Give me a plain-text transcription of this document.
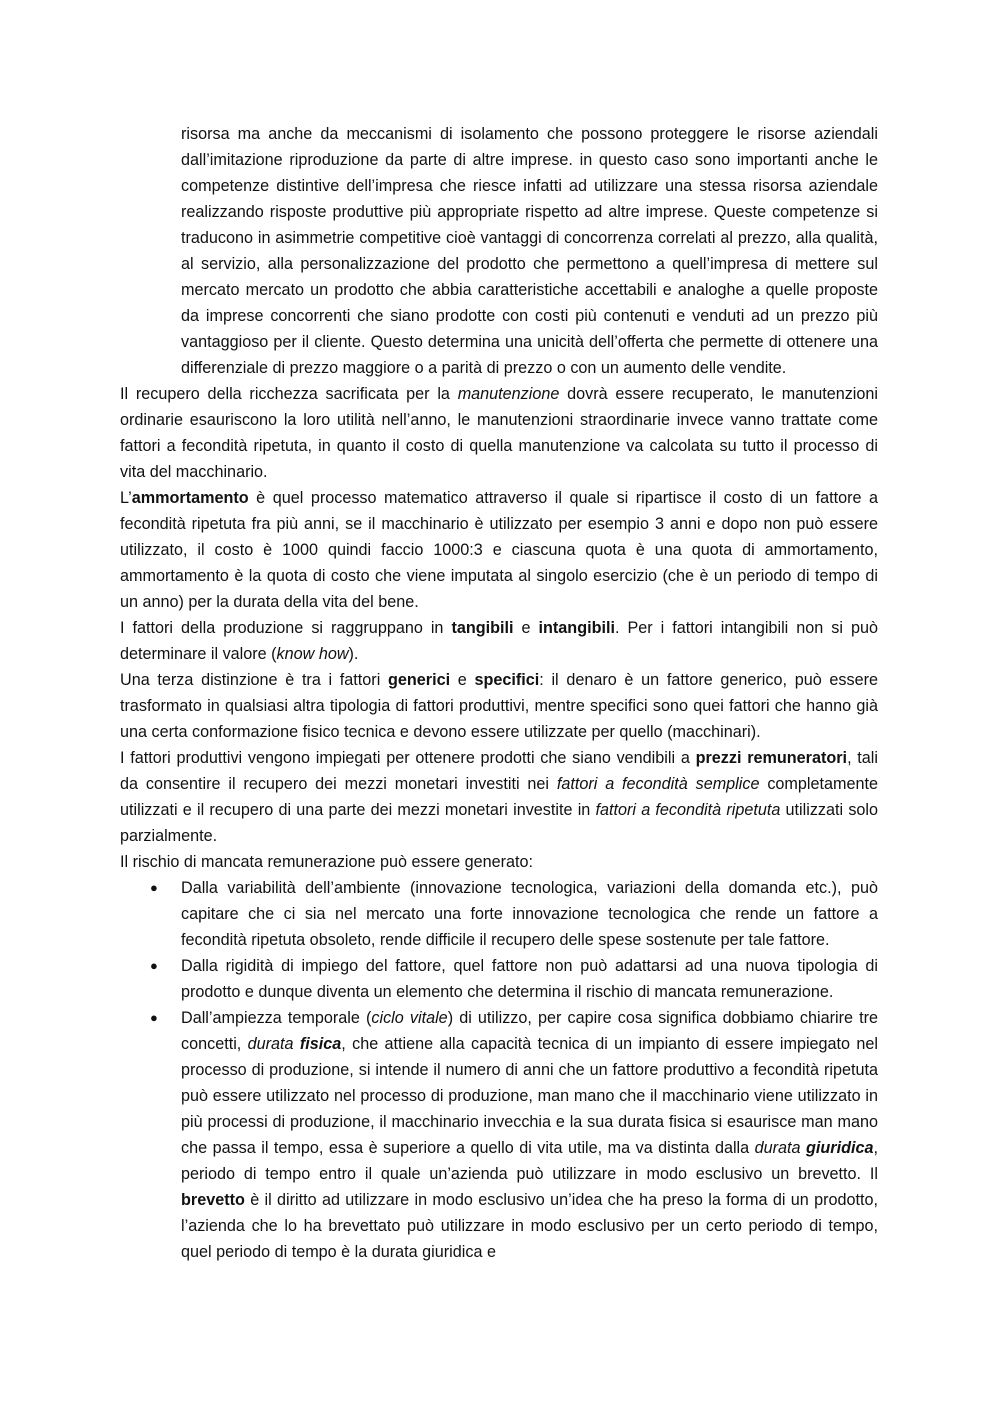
risorsa ma anche da meccanismi di isolamento che possono proteggere le risorse aziendali dall’imitazione riproduzione da parte di altre imprese. in questo caso sono importanti anche le competenze distintive dell’impresa che riesce infatti ad utilizzare una stessa risorsa aziendale realizzando risposte produttive più appropriate rispetto ad altre imprese. Queste competenze si traducono in asimmetrie competitive cioè vantaggi di concorrenza correlati al prezzo, alla qualità, al servizio, alla personalizzazione del prodotto che permettono a quell’impresa di mettere sul mercato mercato un prodotto che abbia caratteristiche accettabili e analoghe a quelle proposte da imprese concorrenti che siano prodotte con costi più contenuti e venduti ad un prezzo più vantaggioso per il cliente. Questo determina una unicità dell’offerta che permette di ottenere una differenziale di prezzo maggiore o a parità di prezzo o con un aumento delle vendite.

Il recupero della ricchezza sacrificata per la manutenzione dovrà essere recuperato, le manutenzioni ordinarie esauriscono la loro utilità nell’anno, le manutenzioni straordinarie invece vanno trattate come fattori a fecondità ripetuta, in quanto il costo di quella manutenzione va calcolata su tutto il processo di vita del macchinario.

L’ammortamento è quel processo matematico attraverso il quale si ripartisce il costo di un fattore a fecondità ripetuta fra più anni, se il macchinario è utilizzato per esempio 3 anni e dopo non può essere utilizzato, il costo è 1000 quindi faccio 1000:3 e ciascuna quota è una quota di ammortamento, ammortamento è la quota di costo che viene imputata al singolo esercizio (che è un periodo di tempo di un anno) per la durata della vita del bene.

I fattori della produzione si raggruppano in tangibili e intangibili. Per i fattori intangibili non si può determinare il valore (know how).

Una terza distinzione è tra i fattori generici e specifici: il denaro è un fattore generico, può essere trasformato in qualsiasi altra tipologia di fattori produttivi, mentre specifici sono quei fattori che hanno già una certa conformazione fisico tecnica e devono essere utilizzate per quello (macchinari).

I fattori produttivi vengono impiegati per ottenere prodotti che siano vendibili a prezzi remuneratori, tali da consentire il recupero dei mezzi monetari investiti nei fattori a fecondità semplice completamente utilizzati e il recupero di una parte dei mezzi monetari investite in fattori a fecondità ripetuta utilizzati solo parzialmente.

Il rischio di mancata remunerazione può essere generato:

● Dalla variabilità dell’ambiente (innovazione tecnologica, variazioni della domanda etc.), può capitare che ci sia nel mercato una forte innovazione tecnologica che rende un fattore a fecondità ripetuta obsoleto, rende difficile il recupero delle spese sostenute per tale fattore.
● Dalla rigidità di impiego del fattore, quel fattore non può adattarsi ad una nuova tipologia di prodotto e dunque diventa un elemento che determina il rischio di mancata remunerazione.
● Dall’ampiezza temporale (ciclo vitale) di utilizzo, per capire cosa significa dobbiamo chiarire tre concetti, durata fisica, che attiene alla capacità tecnica di un impianto di essere impiegato nel processo di produzione, si intende il numero di anni che un fattore produttivo a fecondità ripetuta può essere utilizzato nel processo di produzione, man mano che il macchinario viene utilizzato in più processi di produzione, il macchinario invecchia e la sua durata fisica si esaurisce man mano che passa il tempo, essa è superiore a quello di vita utile, ma va distinta dalla durata giuridica, periodo di tempo entro il quale un’azienda può utilizzare in modo esclusivo un brevetto. Il brevetto è il diritto ad utilizzare in modo esclusivo un’idea che ha preso la forma di un prodotto, l’azienda che lo ha brevettato può utilizzare in modo esclusivo per un certo periodo di tempo, quel periodo di tempo è la durata giuridica e
